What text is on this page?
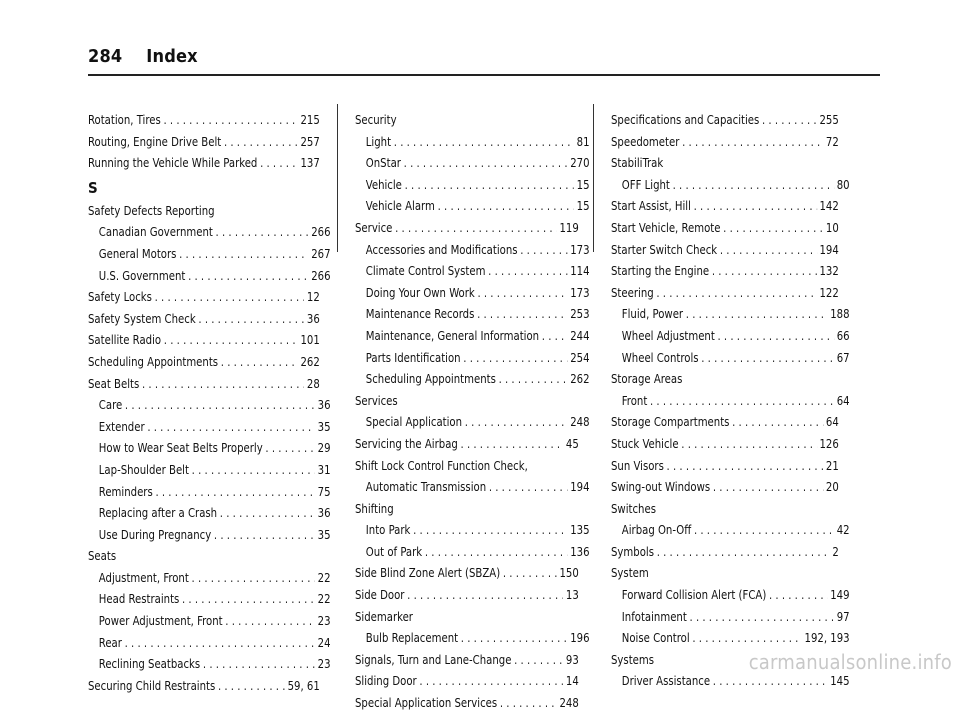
284 Index
Rotation, Tires . . .	215
Routing, Engine Drive Belt . . .	257
Running the Vehicle While Parked . . .	137
S
Safety Defects Reporting
Canadian Government . . .	266
General Motors . . .	267
U.S. Government . . .	266
Safety Locks . . .	12
Safety System Check . . .	36
Satellite Radio . . .	101
Scheduling Appointments . . .	262
Seat Belts . . .	28
Care . . .	36
Extender . . .	35
How to Wear Seat Belts Properly . . .	29
Lap-Shoulder Belt . . .	31
Reminders . . .	75
Replacing after a Crash . . .	36
Use During Pregnancy . . .	35
Seats
Adjustment, Front . . .	22
Head Restraints . . .	22
Power Adjustment, Front . . .	23
Rear . . .	24
Reclining Seatbacks . . .	23
Securing Child Restraints . . .	59, 61
Security
Light . . .	81
OnStar . . .	270
Vehicle . . .	15
Vehicle Alarm . . .	15
Service . . .	119
Accessories and Modifications . . .	173
Climate Control System . . .	114
Doing Your Own Work . . .	173
Maintenance Records . . .	253
Maintenance, General Information . . . 244
Parts Identification . . .	254
Scheduling Appointments . . .	262
Services
Special Application . . .	248
Servicing the Airbag . . .	45
Shift Lock Control Function Check,
Automatic Transmission . . .	194
Shifting
Into Park . . .	135
Out of Park . . .	136
Side Blind Zone Alert (SBZA) . . .	150
Side Door . . .	13
Sidemarker
Bulb Replacement . . .	196
Signals, Turn and Lane-Change . . .	93
Sliding Door . . .	14
Special Application Services . . .	248
Specifications and Capacities . . .	255
Speedometer . . .	72
StabiliTrak
OFF Light . . .	80
Start Assist, Hill . . .	142
Start Vehicle, Remote . . .	10
Starter Switch Check . . .	194
Starting the Engine . . .	132
Steering . . .	122
Fluid, Power . . .	188
Wheel Adjustment . . .	66
Wheel Controls . . .	67
Storage Areas
Front . . .	64
Storage Compartments . . .	64
Stuck Vehicle . . .	126
Sun Visors . . .	21
Swing-out Windows . . .	20
Switches
Airbag On-Off . . .	42
Symbols . . .	2
System
Forward Collision Alert (FCA) . . .	149
Infotainment . . .	97
Noise Control . . .	192, 193
Systems
Driver Assistance . . .	145
carmanualsonline.info
